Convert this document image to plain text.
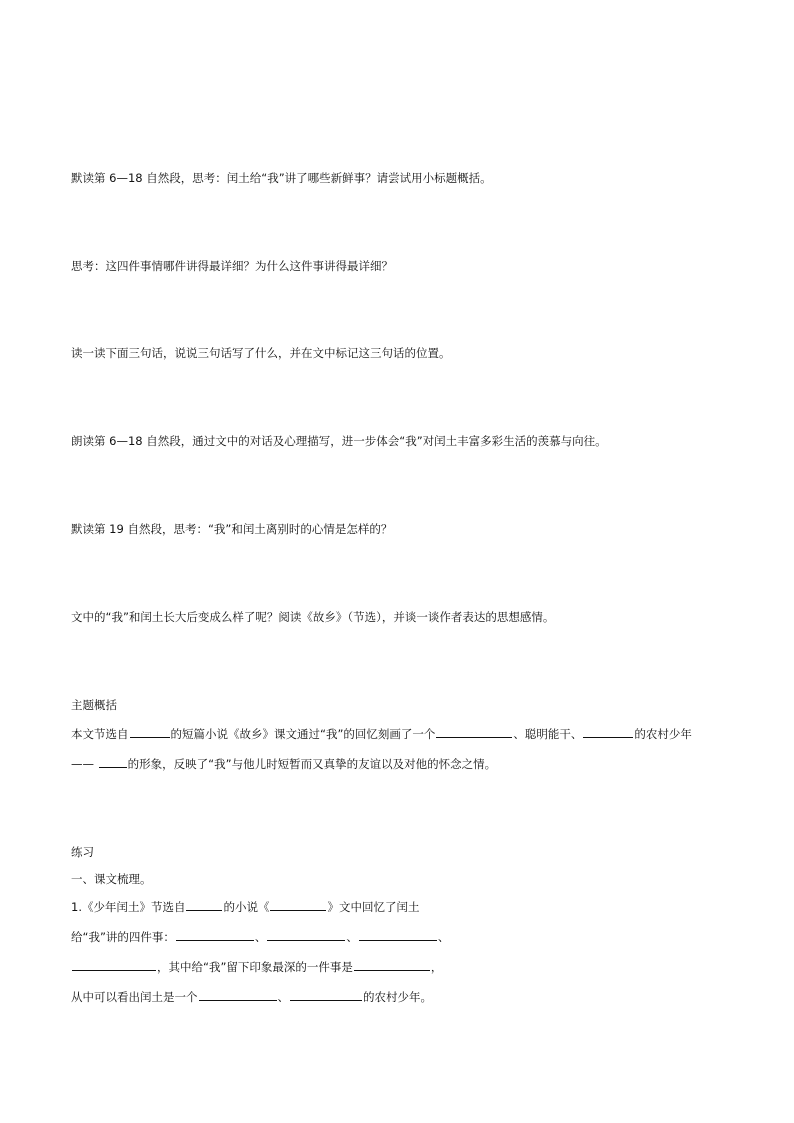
默读第 6—18 自然段，思考：闰土给“我”讲了哪些新鲜事？请尝试用小标题概括。
思考：这四件事情哪件讲得最详细？为什么这件事讲得最详细？
读一读下面三句话，说说三句话写了什么，并在文中标记这三句话的位置。
朗读第 6—18 自然段，通过文中的对话及心理描写，进一步体会“我”对闰土丰富多彩生活的羡慕与向往。
默读第 19 自然段，思考：“我”和闰土离别时的心情是怎样的？
文中的“我”和闰土长大后变成么样了呢？阅读《故乡》（节选），并谈一谈作者表达的思想感情。
主题概括
本文节选自	的短篇小说《故乡》课文通过“我”的回忆刻画了一个	、聪明能干、	的农村少年
——	的形象，反映了“我”与他儿时短暂而又真挚的友谊以及对他的怀念之情。
练习
一、课文梳理。
1.《少年闰土》节选自	的小说《	》文中回忆了闰土
给“我”讲的四件事：	、	、	、
，其中给“我”留下印象最深的一件事是	，
从中可以看出闰土是一个	、	的农村少年。
